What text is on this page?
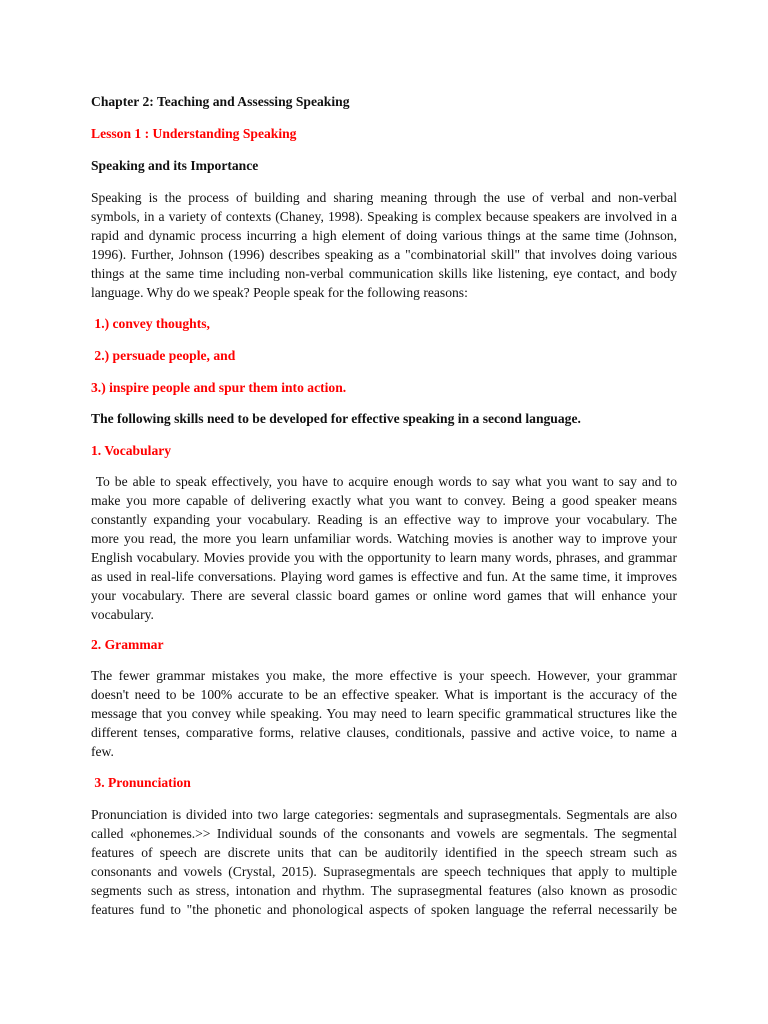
Chapter 2: Teaching and Assessing Speaking

Lesson 1 : Understanding Speaking

Speaking and its Importance

Speaking is the process of building and sharing meaning through the use of verbal and non-verbal
symbols, in a variety of contexts (Chaney, 1998). Speaking is complex because speakers are involved in a
rapid and dynamic process incurring a high element of doing various things at the same time (Johnson,
1996). Further, Johnson (1996) describes speaking as a "combinatorial skill" that involves doing various
things at the same time including non-verbal communication skills like listening, eye contact, and body
language. Why do we speak? People speak for the following reasons:

1.) convey thoughts,

2.) persuade people, and

3.) inspire people and spur them into action.

The following skills need to be developed for effective speaking in a second language.

1. Vocabulary

To be able to speak effectively, you have to acquire enough words to say what you want to say and to
make you more capable of delivering exactly what you want to convey. Being a good speaker means
constantly expanding your vocabulary. Reading is an effective way to improve your vocabulary. The
more you read, the more you learn unfamiliar words. Watching movies is another way to improve your
English vocabulary. Movies provide you with the opportunity to learn many words, phrases, and grammar
as used in real-life conversations. Playing word games is effective and fun. At the same time, it improves
your vocabulary. There are several classic board games or online word games that will enhance your
vocabulary.

2. Grammar

The fewer grammar mistakes you make, the more effective is your speech. However, your grammar
doesn't need to be 100% accurate to be an effective speaker. What is important is the accuracy of the
message that you convey while speaking. You may need to learn specific grammatical structures like the
different tenses, comparative forms, relative clauses, conditionals, passive and active voice, to name a
few.

3. Pronunciation

Pronunciation is divided into two large categories: segmentals and suprasegmentals. Segmentals are also
called «phonemes.>> Individual sounds of the consonants and vowels are segmentals. The segmental
features of speech are discrete units that can be auditorily identified in the speech stream such as
consonants and vowels (Crystal, 2015). Suprasegmentals are speech techniques that apply to multiple
segments such as stress, intonation and rhythm. The suprasegmental features (also known as prosodic
features fund to "the phonetic and phonological aspects of spoken language the referral necessarily be
